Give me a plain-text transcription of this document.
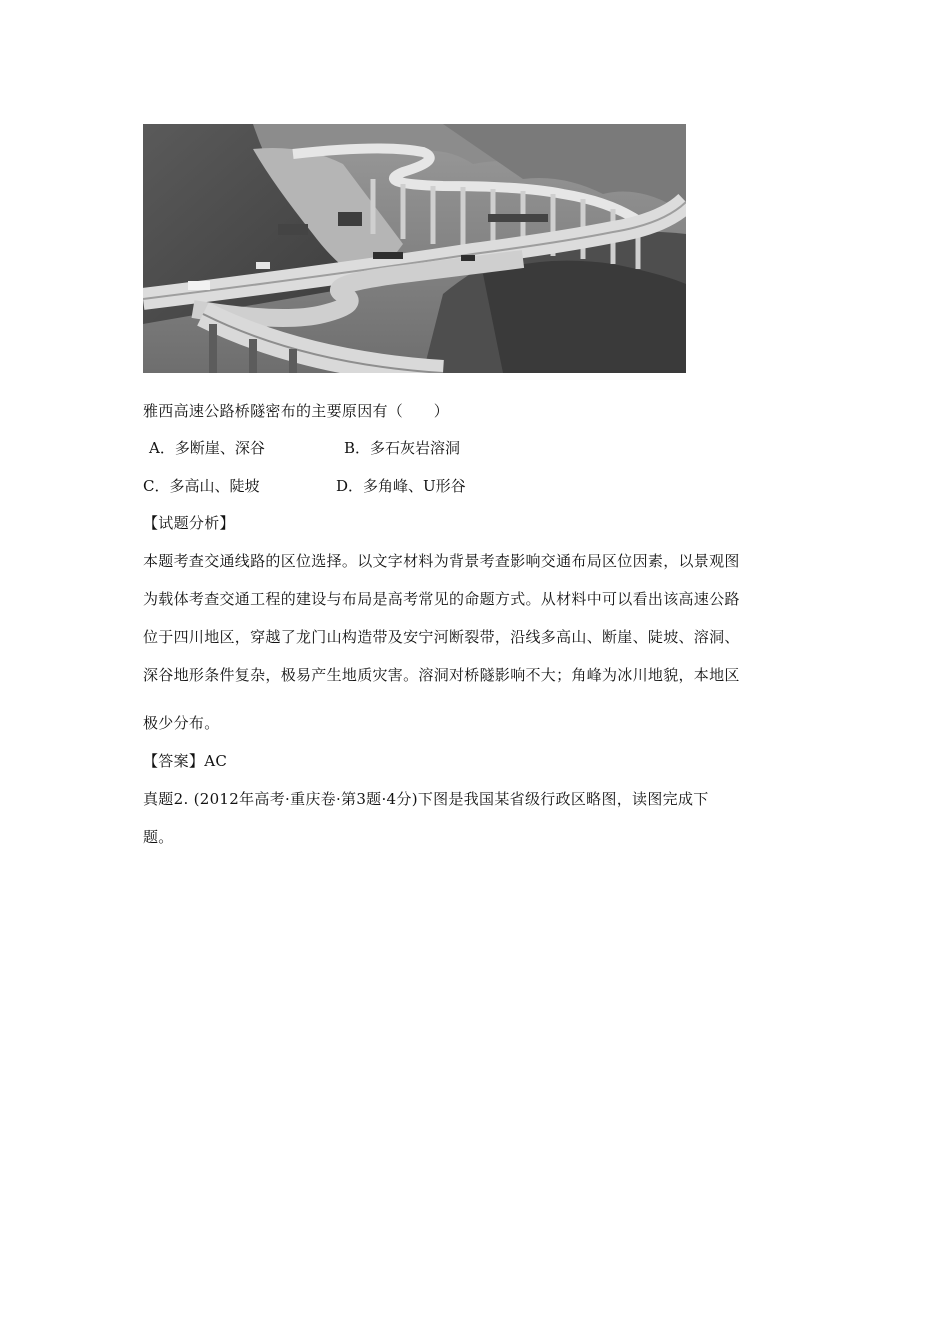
雅西高速公路桥隧密布的主要原因有（　　）
A．多断崖、深谷	B．多石灰岩溶洞
C．多高山、陡坡	D．多角峰、U形谷
【试题分析】
本题考查交通线路的区位选择。以文字材料为背景考查影响交通布局区位因素，以景观图
为载体考查交通工程的建设与布局是高考常见的命题方式。从材料中可以看出该高速公路
位于四川地区，穿越了龙门山构造带及安宁河断裂带，沿线多高山、断崖、陡坡、溶洞、
深谷地形条件复杂，极易产生地质灾害。溶洞对桥隧影响不大；角峰为冰川地貌，本地区
极少分布。
【答案】AC
真题2. (2012年高考·重庆卷·第3题·4分)下图是我国某省级行政区略图，读图完成下
题。
